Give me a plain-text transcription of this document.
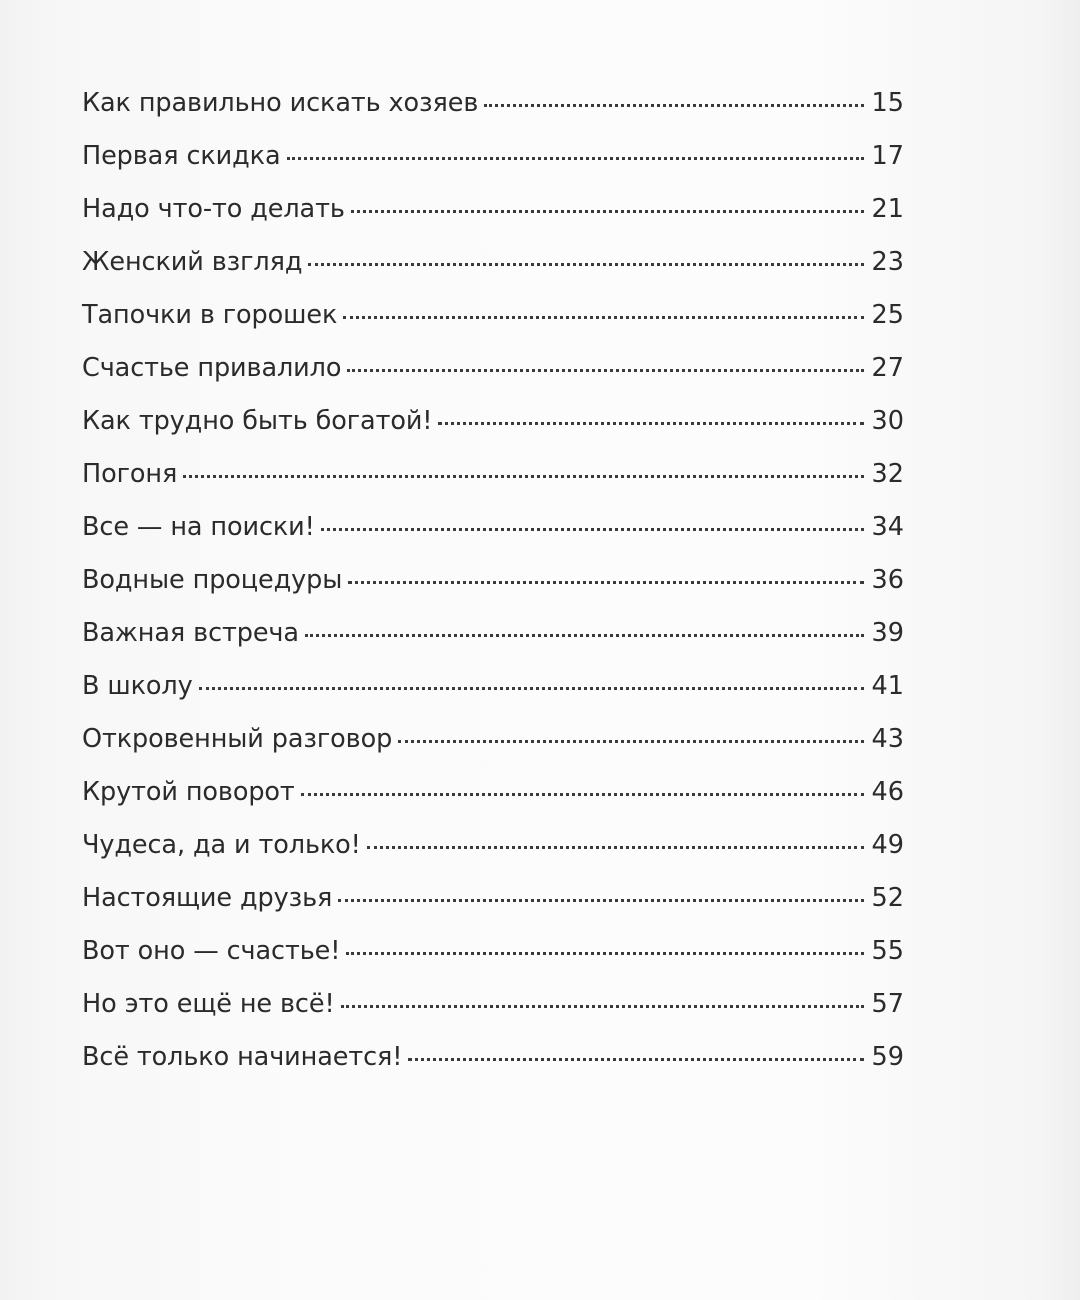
Как правильно искать хозяев	15
Первая скидка	17
Надо что-то делать	21
Женский взгляд	23
Тапочки в горошек	25
Счастье привалило	27
Как трудно быть богатой!	30
Погоня	32
Все — на поиски!	34
Водные процедуры	36
Важная встреча	39
В школу	41
Откровенный разговор	43
Крутой поворот	46
Чудеса, да и только!	49
Настоящие друзья	52
Вот оно — счастье!	55
Но это ещё не всё!	57
Всё только начинается!	59
